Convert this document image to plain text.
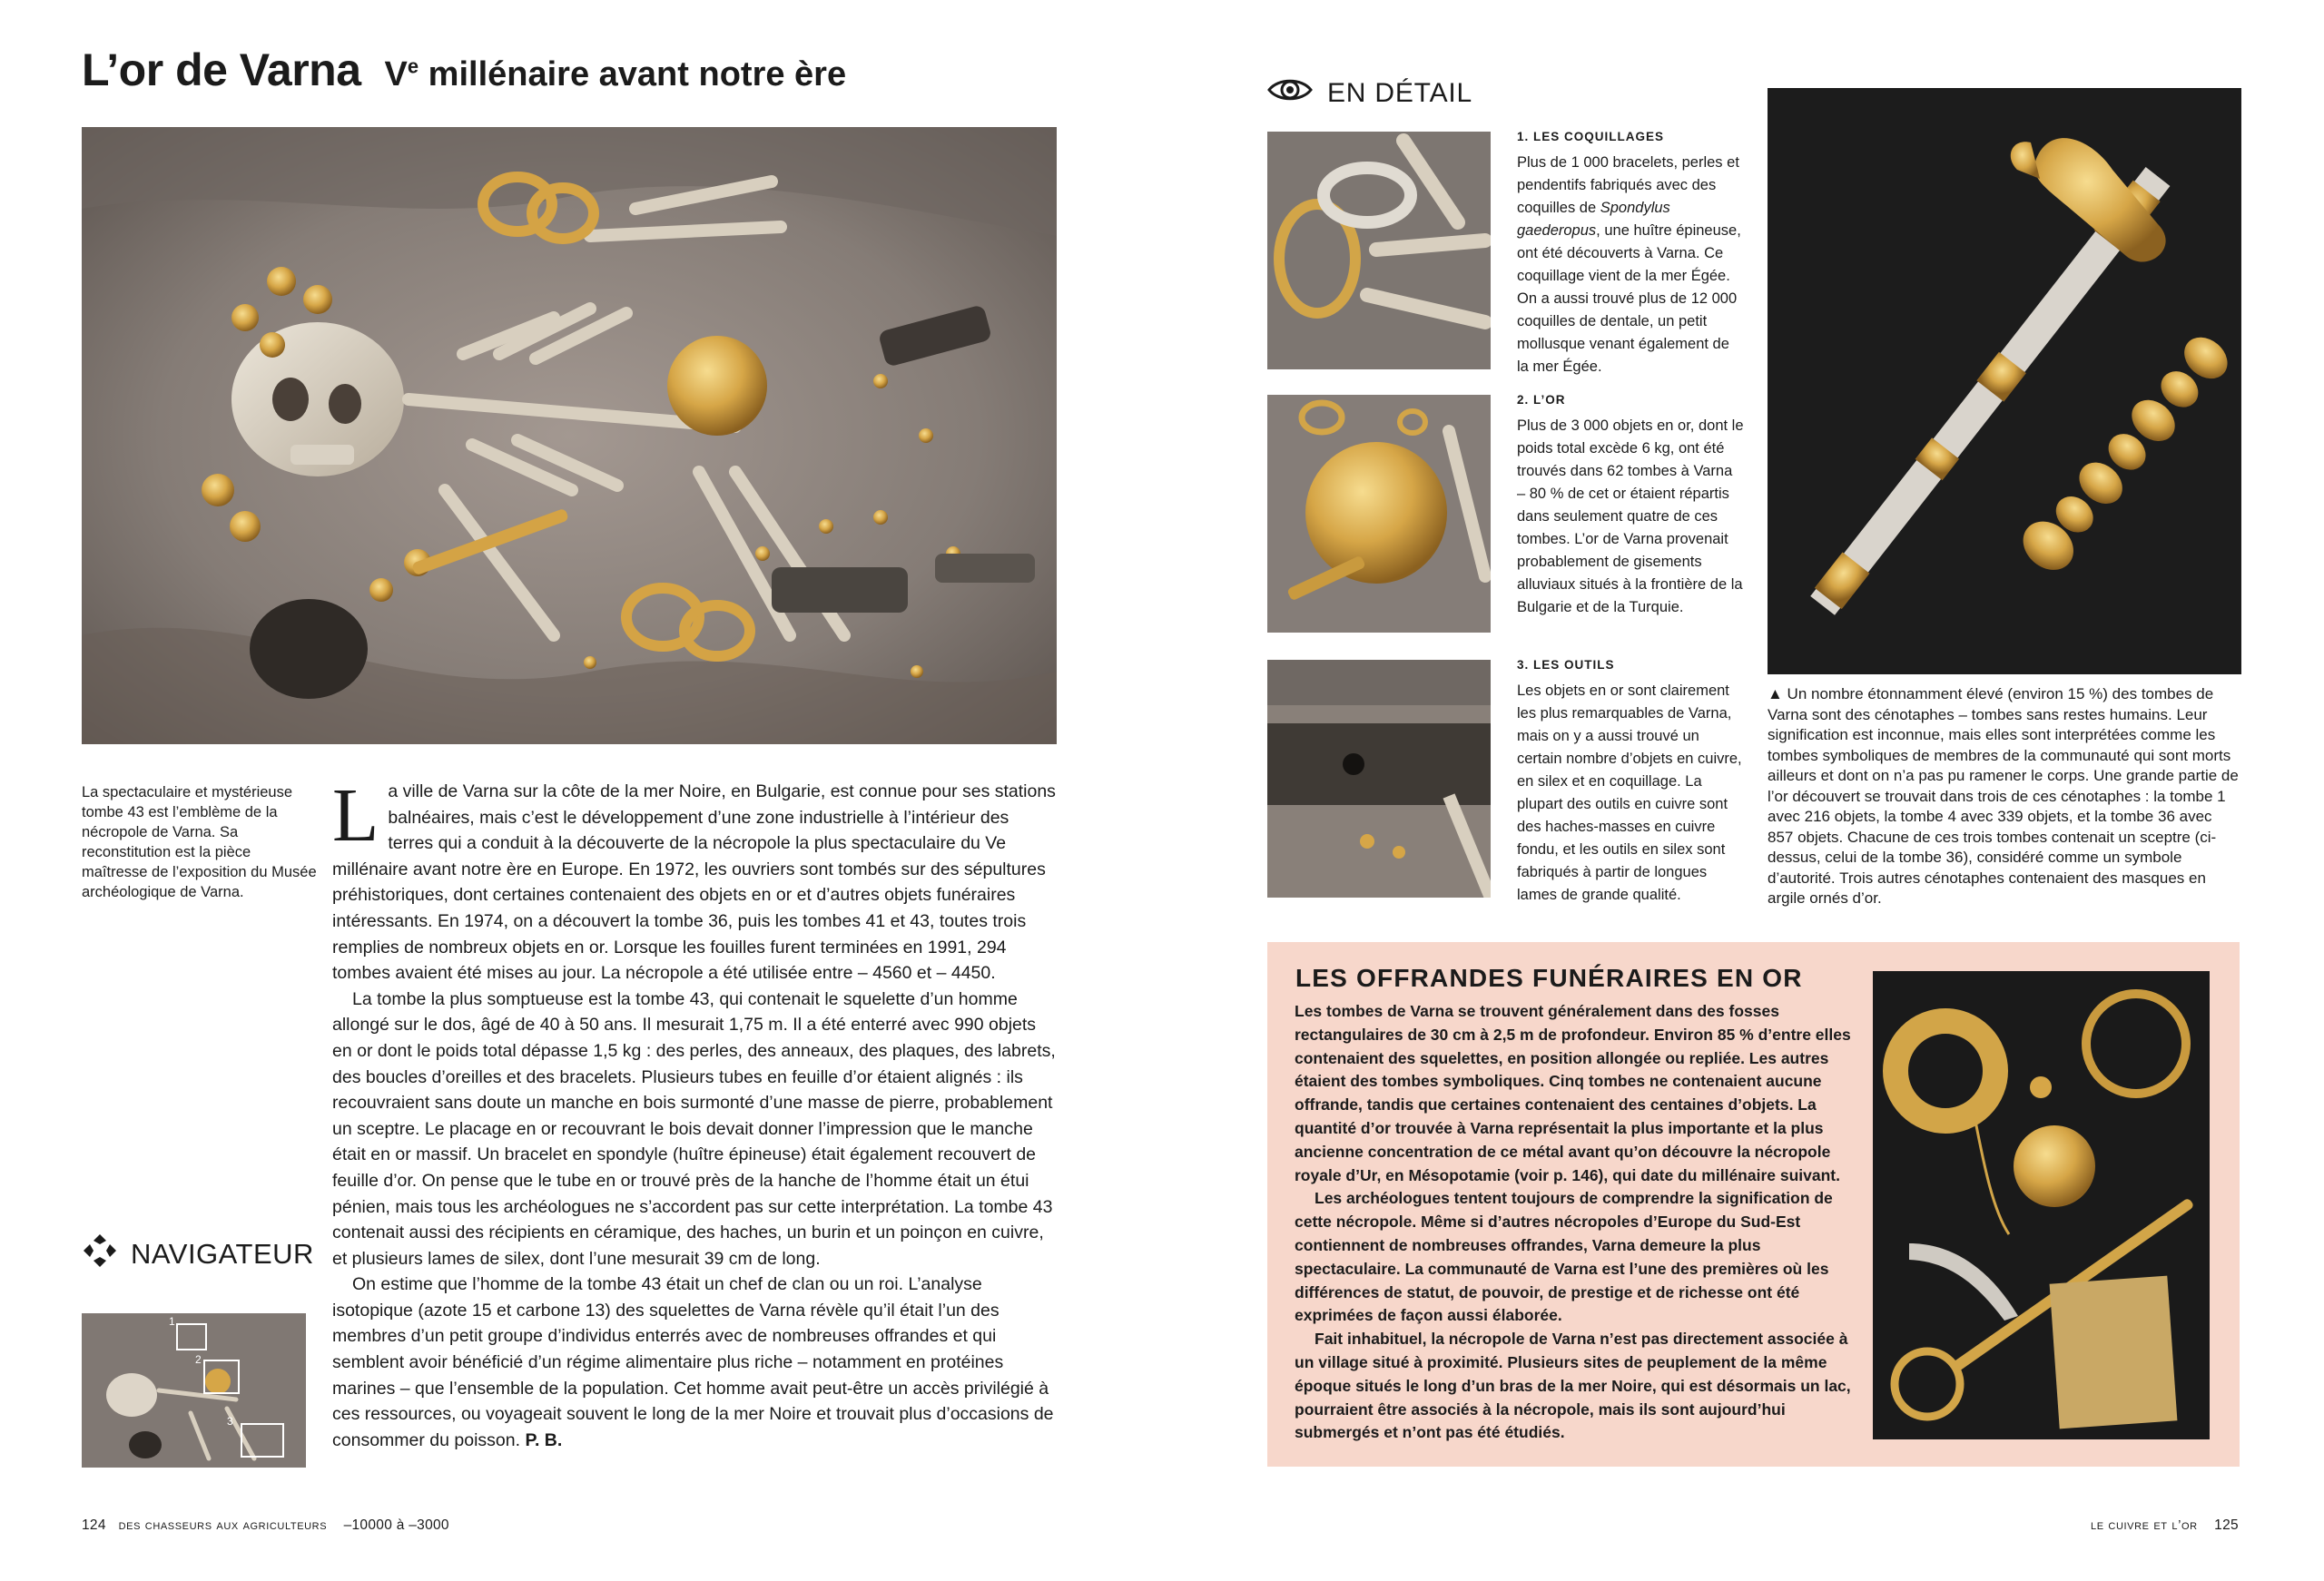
L’or de Varna Ve millénaire avant notre ère
La spectaculaire et mystérieuse tombe 43 est l’emblème de la nécropole de Varna. Sa reconstitution est la pièce maîtresse de l’exposition du Musée archéologique de Varna.

La ville de Varna sur la côte de la mer Noire, en Bulgarie, est connue pour ses stations balnéaires, mais c’est le développement d’une zone industrielle à l’intérieur des terres qui a conduit à la découverte de la nécropole la plus spectaculaire du Ve millénaire avant notre ère en Europe. En 1972, les ouvriers sont tombés sur des sépultures préhistoriques, dont certaines contenaient des objets en or et d’autres objets funéraires intéressants. En 1974, on a découvert la tombe 36, puis les tombes 41 et 43, toutes trois remplies de nombreux objets en or. Lorsque les fouilles furent terminées en 1991, 294 tombes avaient été mises au jour. La nécropole a été utilisée entre – 4560 et – 4450.

La tombe la plus somptueuse est la tombe 43, qui contenait le squelette d’un homme allongé sur le dos, âgé de 40 à 50 ans. Il mesurait 1,75 m. Il a été enterré avec 990 objets en or dont le poids total dépasse 1,5 kg : des perles, des anneaux, des plaques, des labrets, des boucles d’oreilles et des bracelets. Plusieurs tubes en feuille d’or étaient alignés : ils recouvraient sans doute un manche en bois surmonté d’une masse de pierre, probablement un sceptre. Le placage en or recouvrant le bois devait donner l’impression que le manche était en or massif. Un bracelet en spondyle (huître épineuse) était également recouvert de feuille d’or. On pense que le tube en or trouvé près de la hanche de l’homme était un étui pénien, mais tous les archéologues ne s’accordent pas sur cette interprétation. La tombe 43 contenait aussi des récipients en céramique, des haches, un burin et un poinçon en cuivre, et plusieurs lames de silex, dont l’une mesurait 39 cm de long.

On estime que l’homme de la tombe 43 était un chef de clan ou un roi. L’analyse isotopique (azote 15 et carbone 13) des squelettes de Varna révèle qu’il était l’un des membres d’un petit groupe d’individus enterrés avec de nombreuses offrandes et qui semblent avoir bénéficié d’un régime alimentaire plus riche – notamment en protéines marines – que l’ensemble de la population. Cet homme avait peut-être un accès privilégié à ces ressources, ou voyageait souvent le long de la mer Noire et trouvait plus d’occasions de consommer du poisson. P. B.

NAVIGATEUR
1
2
3
124 des chasseurs aux agriculteurs –10000 à –3000
EN DÉTAIL
1. LES COQUILLAGES

Plus de 1 000 bracelets, perles et pendentifs fabriqués avec des coquilles de Spondylus gaederopus, une huître épineuse, ont été découverts à Varna. Ce coquillage vient de la mer Égée. On a aussi trouvé plus de 12 000 coquilles de dentale, un petit mollusque venant également de la mer Égée.

2. L’OR

Plus de 3 000 objets en or, dont le poids total excède 6 kg, ont été trouvés dans 62 tombes à Varna – 80 % de cet or étaient répartis dans seulement quatre de ces tombes. L’or de Varna provenait probablement de gisements alluviaux situés à la frontière de la Bulgarie et de la Turquie.

3. LES OUTILS

Les objets en or sont clairement les plus remarquables de Varna, mais on y a aussi trouvé un certain nombre d’objets en cuivre, en silex et en coquillage. La plupart des outils en cuivre sont des haches-masses en cuivre fondu, et les outils en silex sont fabriqués à partir de longues lames de grande qualité.

▲ Un nombre étonnamment élevé (environ 15 %) des tombes de Varna sont des cénotaphes – tombes sans restes humains. Leur signification est inconnue, mais elles sont interprétées comme les tombes symboliques de membres de la communauté qui sont morts ailleurs et dont on n’a pas pu ramener le corps. Une grande partie de l’or découvert se trouvait dans trois de ces cénotaphes : la tombe 1 avec 216 objets, la tombe 4 avec 339 objets, et la tombe 36 avec 857 objets. Chacune de ces trois tombes contenait un sceptre (ci-dessus, celui de la tombe 36), considéré comme un symbole d’autorité. Trois autres cénotaphes contenaient des masques en argile ornés d’or.
LES OFFRANDES FUNÉRAIRES EN OR

Les tombes de Varna se trouvent généralement dans des fosses rectangulaires de 30 cm à 2,5 m de profondeur. Environ 85 % d’entre elles contenaient des squelettes, en position allongée ou repliée. Les autres étaient des tombes symboliques. Cinq tombes ne contenaient aucune offrande, tandis que certaines contenaient des centaines d’objets. La quantité d’or trouvée à Varna représentait la plus importante et la plus ancienne concentration de ce métal avant qu’on découvre la nécropole royale d’Ur, en Mésopotamie (voir p. 146), qui date du millénaire suivant.

Les archéologues tentent toujours de comprendre la signification de cette nécropole. Même si d’autres nécropoles d’Europe du Sud-Est contiennent de nombreuses offrandes, Varna demeure la plus spectaculaire. La communauté de Varna est l’une des premières où les différences de statut, de pouvoir, de prestige et de richesse ont été exprimées de façon aussi élaborée.

Fait inhabituel, la nécropole de Varna n’est pas directement associée à un village situé à proximité. Plusieurs sites de peuplement de la même époque situés le long d’un bras de la mer Noire, qui est désormais un lac, pourraient être associés à la nécropole, mais ils sont aujourd’hui submergés et n’ont pas été étudiés.

le cuivre et l’or 125
